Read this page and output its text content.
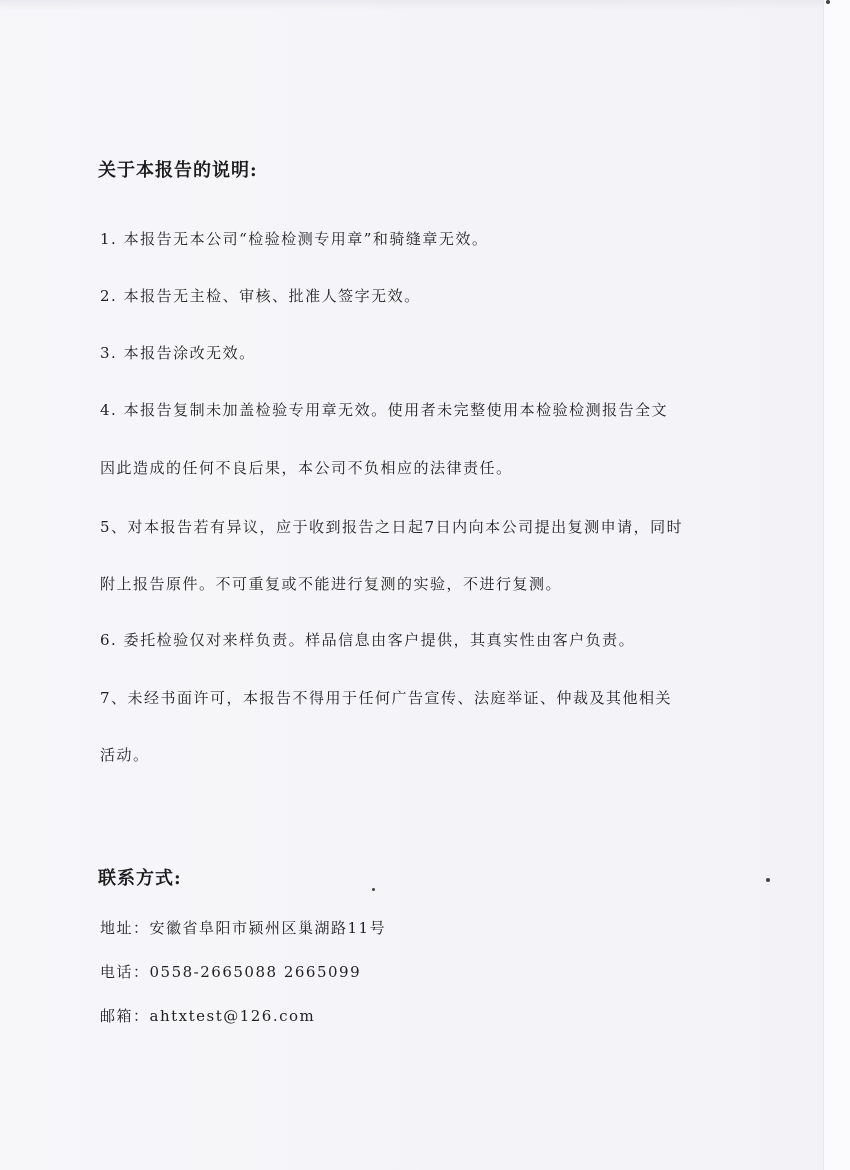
关于本报告的说明:

1. 本报告无本公司“检验检测专用章”和骑缝章无效。

2. 本报告无主检、审核、批准人签字无效。

3. 本报告涂改无效。

4. 本报告复制未加盖检验专用章无效。使用者未完整使用本检验检测报告全文

因此造成的任何不良后果，本公司不负相应的法律责任。

5、对本报告若有异议，应于收到报告之日起7日内向本公司提出复测申请，同时

附上报告原件。不可重复或不能进行复测的实验，不进行复测。

6. 委托检验仅对来样负责。样品信息由客户提供，其真实性由客户负责。

7、未经书面许可，本报告不得用于任何广告宣传、法庭举证、仲裁及其他相关

活动。

联系方式:
地址：安徽省阜阳市颍州区巢湖路11号
电话：0558-2665088 2665099
邮箱：ahtxtest@126.com
